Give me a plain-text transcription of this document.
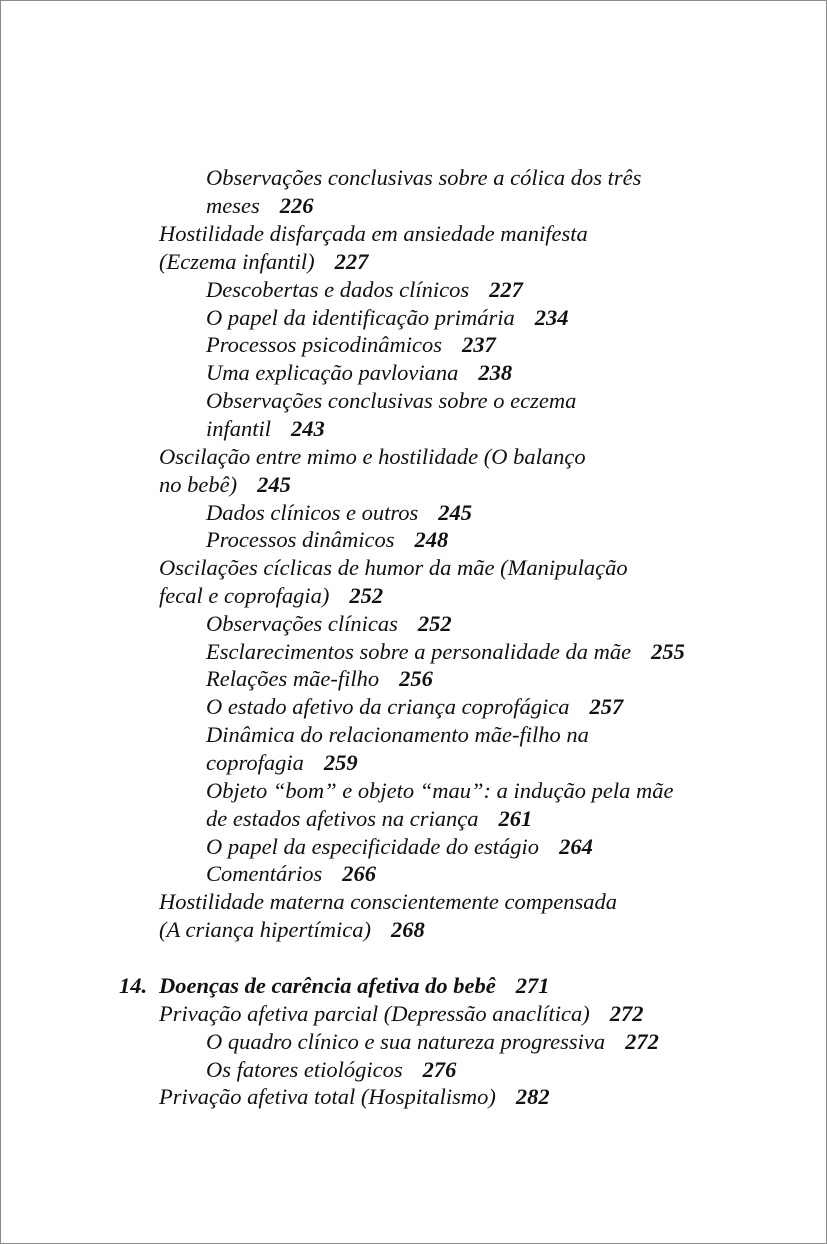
Observações conclusivas sobre a cólica dos três
meses 226
Hostilidade disfarçada em ansiedade manifesta
(Eczema infantil) 227
Descobertas e dados clínicos 227
O papel da identificação primária 234
Processos psicodinâmicos 237
Uma explicação pavloviana 238
Observações conclusivas sobre o eczema
infantil 243
Oscilação entre mimo e hostilidade (O balanço
no bebê) 245
Dados clínicos e outros 245
Processos dinâmicos 248
Oscilações cíclicas de humor da mãe (Manipulação
fecal e coprofagia) 252
Observações clínicas 252
Esclarecimentos sobre a personalidade da mãe 255
Relações mãe-filho 256
O estado afetivo da criança coprofágica 257
Dinâmica do relacionamento mãe-filho na
coprofagia 259
Objeto “bom” e objeto “mau”: a indução pela mãe
de estados afetivos na criança 261
O papel da especificidade do estágio 264
Comentários 266
Hostilidade materna conscientemente compensada
(A criança hipertímica) 268
14. Doenças de carência afetiva do bebê 271
Privação afetiva parcial (Depressão anaclítica) 272
O quadro clínico e sua natureza progressiva 272
Os fatores etiológicos 276
Privação afetiva total (Hospitalismo) 282
